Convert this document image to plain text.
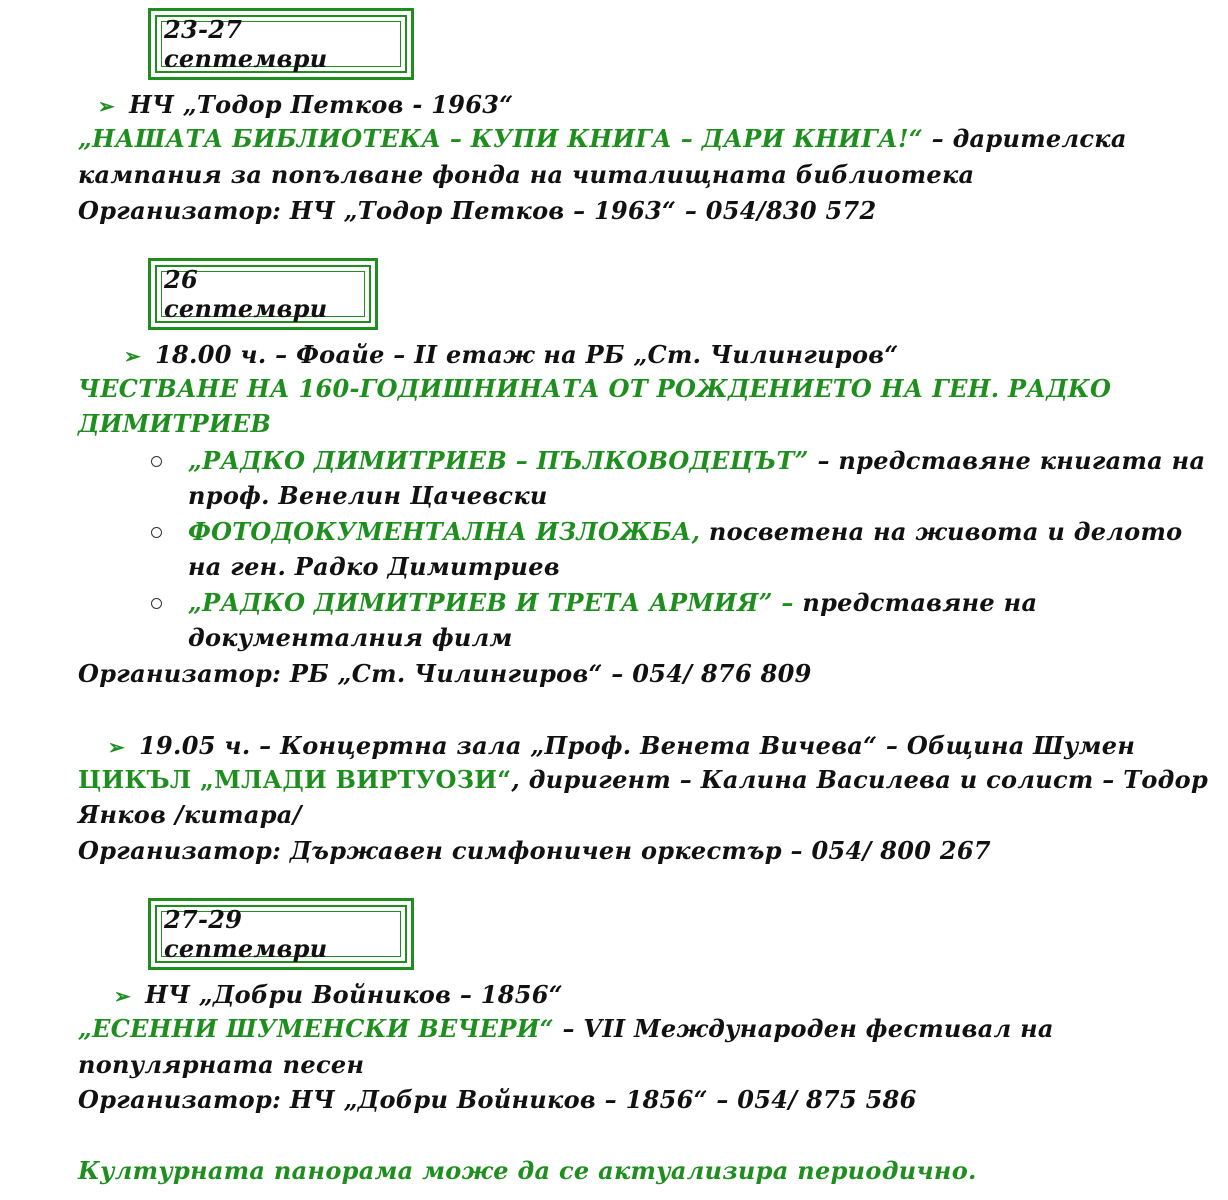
23-27 септември
➢ НЧ „Тодор Петков - 1963“
„НАШАТА БИБЛИОТЕКА – КУПИ КНИГА – ДАРИ КНИГА!“ – дарителска
кампания за попълване фонда на читалищната библиотека
Организатор: НЧ „Тодор Петков – 1963“ – 054/830 572
26 септември
➢ 18.00 ч. – Фоайе – II етаж на РБ „Ст. Чилингиров“
ЧЕСТВАНЕ НА 160-ГОДИШНИНАТА ОТ РОЖДЕНИЕТО НА ГЕН. РАДКО
ДИМИТРИЕВ
„РАДКО ДИМИТРИЕВ – ПЪЛКОВОДЕЦЪТ” – представяне книгата на
проф. Венелин Цачевски
ФОТОДОКУМЕНТАЛНА ИЗЛОЖБА, посветена на живота и делото
на ген. Радко Димитриев
„РАДКО ДИМИТРИЕВ И ТРЕТА АРМИЯ” – представяне на
документалния филм
Организатор: РБ „Ст. Чилингиров“ – 054/ 876 809
➢ 19.05 ч. – Концертна зала „Проф. Венета Вичева“ – Община Шумен
ЦИКЪЛ „МЛАДИ ВИРТУОЗИ“, диригент – Калина Василева и солист – Тодор
Янков /китара/
Организатор: Държавен симфоничен оркестър – 054/ 800 267
27-29 септември
➢ НЧ „Добри Войников – 1856“
„ЕСЕННИ ШУМЕНСКИ ВЕЧЕРИ“ – VII Международен фестивал на
популярната песен
Организатор: НЧ „Добри Войников – 1856“ – 054/ 875 586
Културната панорама може да се актуализира периодично.
